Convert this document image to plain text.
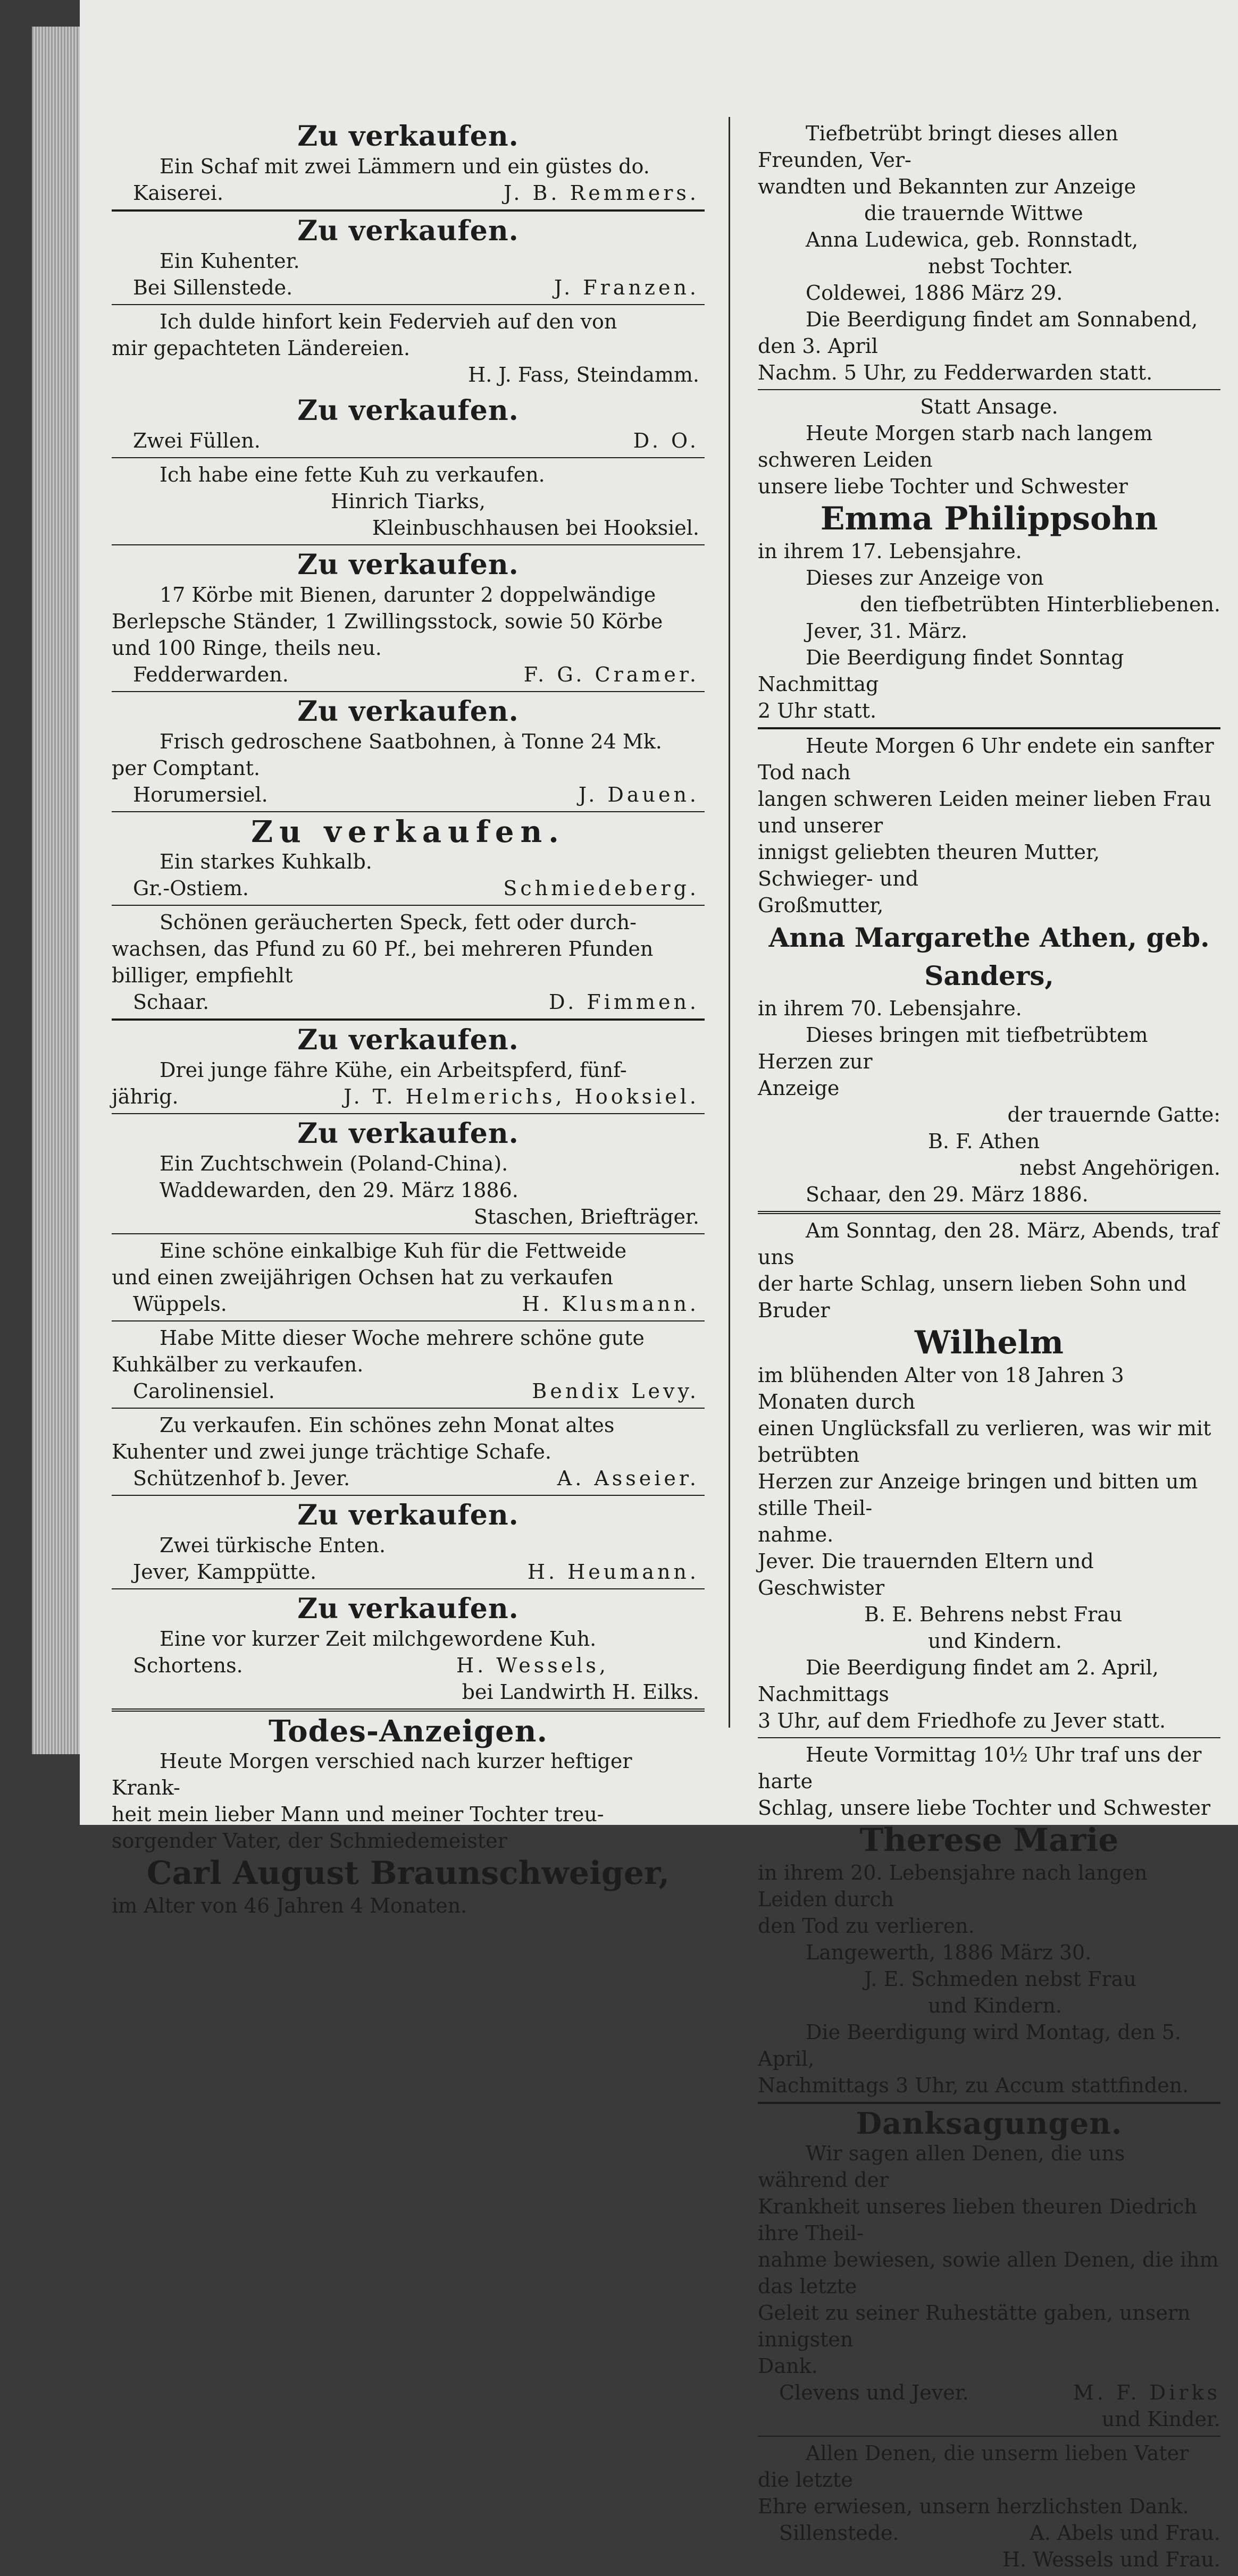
Zu verkaufen.
Ein Schaf mit zwei Lämmern und ein güstes do.
Kaiserei.	J. B. Remmers.
Zu verkaufen.
Ein Kuhenter.
Bei Sillenstede.	J. Franzen.
Ich dulde hinfort kein Federvieh auf den von
mir gepachteten Ländereien.
H. J. Fass, Steindamm.
Zu verkaufen.
Zwei Füllen.	D. O.
Ich habe eine fette Kuh zu verkaufen.
Hinrich Tiarks,
Kleinbuschhausen bei Hooksiel.
Zu verkaufen.
17 Körbe mit Bienen, darunter 2 doppelwändige
Berlepsche Ständer, 1 Zwillingsstock, sowie 50 Körbe
und 100 Ringe, theils neu.
Fedderwarden.	F. G. Cramer.
Zu verkaufen.
Frisch gedroschene Saatbohnen, à Tonne 24 Mk.
per Comptant.
Horumersiel.	J. Dauen.
Zu verkaufen.
Ein starkes Kuhkalb.
Gr.-Ostiem.	Schmiedeberg.
Schönen geräucherten Speck, fett oder durch-
wachsen, das Pfund zu 60 Pf., bei mehreren Pfunden
billiger, empfiehlt
Schaar.	D. Fimmen.
Zu verkaufen.
Drei junge fähre Kühe, ein Arbeitspferd, fünf-
jährig.	J. T. Helmerichs, Hooksiel.
Zu verkaufen.
Ein Zuchtschwein (Poland-China).
Waddewarden, den 29. März 1886.
Staschen, Briefträger.
Eine schöne einkalbige Kuh für die Fettweide
und einen zweijährigen Ochsen hat zu verkaufen
Wüppels.	H. Klusmann.
Habe Mitte dieser Woche mehrere schöne gute
Kuhkälber zu verkaufen.
Carolinensiel.	Bendix Levy.
Zu verkaufen. Ein schönes zehn Monat altes
Kuhenter und zwei junge trächtige Schafe.
Schützenhof b. Jever.	A. Asseier.
Zu verkaufen.
Zwei türkische Enten.
Jever, Kamppütte.	H. Heumann.
Zu verkaufen.
Eine vor kurzer Zeit milchgewordene Kuh.
Schortens.	H. Wessels,
bei Landwirth H. Eilks.
Todes-Anzeigen.
Heute Morgen verschied nach kurzer heftiger Krank-
heit mein lieber Mann und meiner Tochter treu-
sorgender Vater, der Schmiedemeister
Carl August Braunschweiger,
im Alter von 46 Jahren 4 Monaten.
Tiefbetrübt bringt dieses allen Freunden, Ver-
wandten und Bekannten zur Anzeige
die trauernde Wittwe
Anna Ludewica, geb. Ronnstadt,
nebst Tochter.
Coldewei, 1886 März 29.
Die Beerdigung findet am Sonnabend, den 3. April
Nachm. 5 Uhr, zu Fedderwarden statt.
Statt Ansage.
Heute Morgen starb nach langem schweren Leiden
unsere liebe Tochter und Schwester
Emma Philippsohn
in ihrem 17. Lebensjahre.
Dieses zur Anzeige von
den tiefbetrübten Hinterbliebenen.
Jever, 31. März.
Die Beerdigung findet Sonntag Nachmittag
2 Uhr statt.
Heute Morgen 6 Uhr endete ein sanfter Tod nach
langen schweren Leiden meiner lieben Frau und unserer
innigst geliebten theuren Mutter, Schwieger- und
Großmutter,
Anna Margarethe Athen, geb. Sanders,
in ihrem 70. Lebensjahre.
Dieses bringen mit tiefbetrübtem Herzen zur
Anzeige
der trauernde Gatte:
B. F. Athen
nebst Angehörigen.
Schaar, den 29. März 1886.
Am Sonntag, den 28. März, Abends, traf uns
der harte Schlag, unsern lieben Sohn und Bruder
Wilhelm
im blühenden Alter von 18 Jahren 3 Monaten durch
einen Unglücksfall zu verlieren, was wir mit betrübten
Herzen zur Anzeige bringen und bitten um stille Theil-
nahme.
Jever. Die trauernden Eltern und Geschwister
B. E. Behrens nebst Frau
und Kindern.
Die Beerdigung findet am 2. April, Nachmittags
3 Uhr, auf dem Friedhofe zu Jever statt.
Heute Vormittag 10½ Uhr traf uns der harte
Schlag, unsere liebe Tochter und Schwester
Therese Marie
in ihrem 20. Lebensjahre nach langen Leiden durch
den Tod zu verlieren.
Langewerth, 1886 März 30.
J. E. Schmeden nebst Frau
und Kindern.
Die Beerdigung wird Montag, den 5. April,
Nachmittags 3 Uhr, zu Accum stattfinden.
Danksagungen.
Wir sagen allen Denen, die uns während der
Krankheit unseres lieben theuren Diedrich ihre Theil-
nahme bewiesen, sowie allen Denen, die ihm das letzte
Geleit zu seiner Ruhestätte gaben, unsern innigsten
Dank.
Clevens und Jever.	M. F. Dirks
und Kinder.
Allen Denen, die unserm lieben Vater die letzte
Ehre erwiesen, unsern herzlichsten Dank.
Sillenstede.	A. Abels und Frau.
H. Wessels und Frau.
